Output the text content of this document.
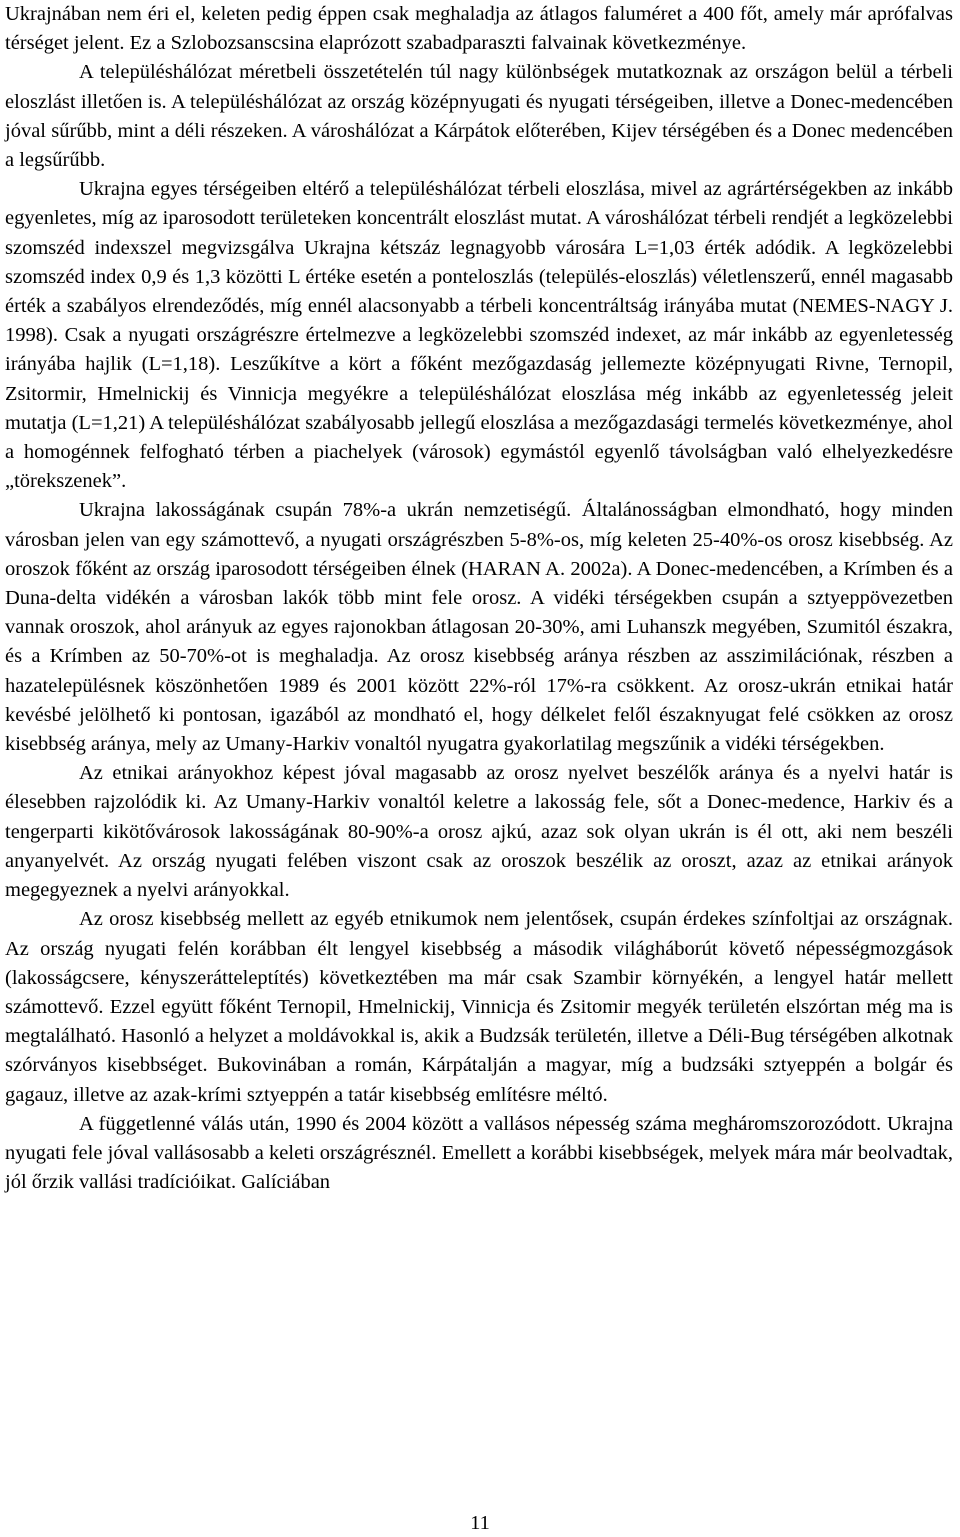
Ukrajnában nem éri el, keleten pedig éppen csak meghaladja az átlagos faluméret a 400 főt, amely már aprófalvas térséget jelent. Ez a Szlobozsanscsina elaprózott szabadparaszti falvainak következménye.

A településhálózat méretbeli összetételén túl nagy különbségek mutatkoznak az országon belül a térbeli eloszlást illetően is. A településhálózat az ország középnyugati és nyugati térségeiben, illetve a Donec-medencében jóval sűrűbb, mint a déli részeken. A városhálózat a Kárpátok előterében, Kijev térségében és a Donec medencében a legsűrűbb.

Ukrajna egyes térségeiben eltérő a településhálózat térbeli eloszlása, mivel az agrártérségekben az inkább egyenletes, míg az iparosodott területeken koncentrált eloszlást mutat. A városhálózat térbeli rendjét a legközelebbi szomszéd indexszel megvizsgálva Ukrajna kétszáz legnagyobb városára L=1,03 érték adódik. A legközelebbi szomszéd index 0,9 és 1,3 közötti L értéke esetén a ponteloszlás (település-eloszlás) véletlenszerű, ennél magasabb érték a szabályos elrendeződés, míg ennél alacsonyabb a térbeli koncentráltság irányába mutat (NEMES-NAGY J. 1998). Csak a nyugati országrészre értelmezve a legközelebbi szomszéd indexet, az már inkább az egyenletesség irányába hajlik (L=1,18). Leszűkítve a kört a főként mezőgazdaság jellemezte középnyugati Rivne, Ternopil, Zsitormir, Hmelnickij és Vinnicja megyékre a településhálózat eloszlása még inkább az egyenletesség jeleit mutatja (L=1,21) A településhálózat szabályosabb jellegű eloszlása a mezőgazdasági termelés következménye, ahol a homogénnek felfogható térben a piachelyek (városok) egymástól egyenlő távolságban való elhelyezkedésre „törekszenek”.

Ukrajna lakosságának csupán 78%-a ukrán nemzetiségű. Általánosságban elmondható, hogy minden városban jelen van egy számottevő, a nyugati országrészben 5-8%-os, míg keleten 25-40%-os orosz kisebbség. Az oroszok főként az ország iparosodott térségeiben élnek (HARAN A. 2002a). A Donec-medencében, a Krímben és a Duna-delta vidékén a városban lakók több mint fele orosz. A vidéki térségekben csupán a sztyeppövezetben vannak oroszok, ahol arányuk az egyes rajonokban átlagosan 20-30%, ami Luhanszk megyében, Szumitól északra, és a Krímben az 50-70%-ot is meghaladja. Az orosz kisebbség aránya részben az asszimilációnak, részben a hazatelepülésnek köszönhetően 1989 és 2001 között 22%-ról 17%-ra csökkent. Az orosz-ukrán etnikai határ kevésbé jelölhető ki pontosan, igazából az mondható el, hogy délkelet felől északnyugat felé csökken az orosz kisebbség aránya, mely az Umany-Harkiv vonaltól nyugatra gyakorlatilag megszűnik a vidéki térségekben.

Az etnikai arányokhoz képest jóval magasabb az orosz nyelvet beszélők aránya és a nyelvi határ is élesebben rajzolódik ki. Az Umany-Harkiv vonaltól keletre a lakosság fele, sőt a Donec-medence, Harkiv és a tengerparti kikötővárosok lakosságának 80-90%-a orosz ajkú, azaz sok olyan ukrán is él ott, aki nem beszéli anyanyelvét. Az ország nyugati felében viszont csak az oroszok beszélik az oroszt, azaz az etnikai arányok megegyeznek a nyelvi arányokkal.

Az orosz kisebbség mellett az egyéb etnikumok nem jelentősek, csupán érdekes színfoltjai az országnak. Az ország nyugati felén korábban élt lengyel kisebbség a második világháborút követő népességmozgások (lakosságcsere, kényszerátteleptítés) következtében ma már csak Szambir környékén, a lengyel határ mellett számottevő. Ezzel együtt főként Ternopil, Hmelnickij, Vinnicja és Zsitomir megyék területén elszórtan még ma is megtalálható. Hasonló a helyzet a moldávokkal is, akik a Budzsák területén, illetve a Déli-Bug térségében alkotnak szórványos kisebbséget. Bukovinában a román, Kárpátalján a magyar, míg a budzsáki sztyeppén a bolgár és gagauz, illetve az azak-krími sztyeppén a tatár kisebbség említésre méltó.

A függetlenné válás után, 1990 és 2004 között a vallásos népesség száma megháromszorozódott. Ukrajna nyugati fele jóval vallásosabb a keleti országrésznél. Emellett a korábbi kisebbségek, melyek mára már beolvadtak, jól őrzik vallási tradícióikat. Galíciában

11
